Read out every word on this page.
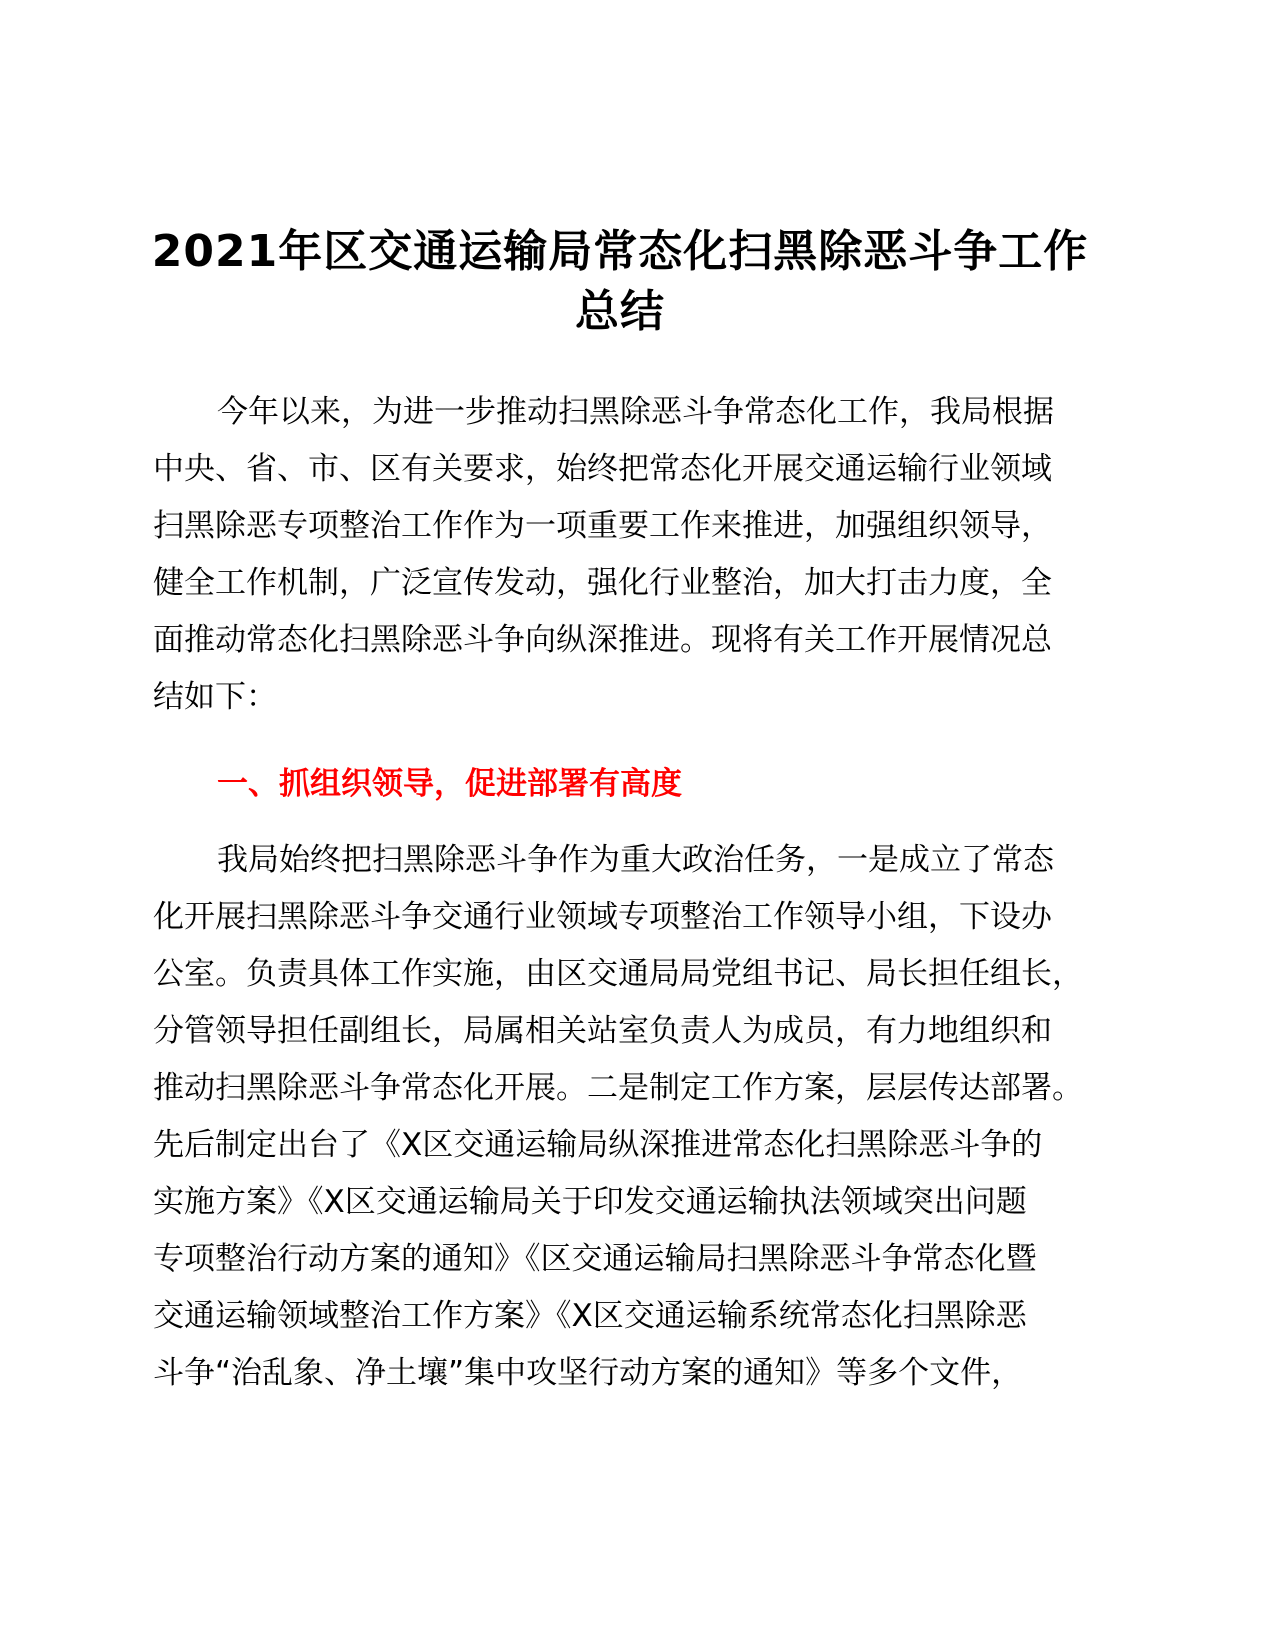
2021年区交通运输局常态化扫黑除恶斗争工作
总结
今年以来，为进一步推动扫黑除恶斗争常态化工作，我局根据
中央、省、市、区有关要求，始终把常态化开展交通运输行业领域
扫黑除恶专项整治工作作为一项重要工作来推进，加强组织领导，
健全工作机制，广泛宣传发动，强化行业整治，加大打击力度，全
面推动常态化扫黑除恶斗争向纵深推进。现将有关工作开展情况总
结如下：
一、抓组织领导，促进部署有高度
我局始终把扫黑除恶斗争作为重大政治任务，一是成立了常态
化开展扫黑除恶斗争交通行业领域专项整治工作领导小组，下设办
公室。负责具体工作实施，由区交通局局党组书记、局长担任组长，
分管领导担任副组长，局属相关站室负责人为成员，有力地组织和
推动扫黑除恶斗争常态化开展。二是制定工作方案，层层传达部署。
先后制定出台了《X区交通运输局纵深推进常态化扫黑除恶斗争的
实施方案》《X区交通运输局关于印发交通运输执法领域突出问题
专项整治行动方案的通知》《区交通运输局扫黑除恶斗争常态化暨
交通运输领域整治工作方案》《X区交通运输系统常态化扫黑除恶
斗争“治乱象、净土壤”集中攻坚行动方案的通知》等多个文件，
